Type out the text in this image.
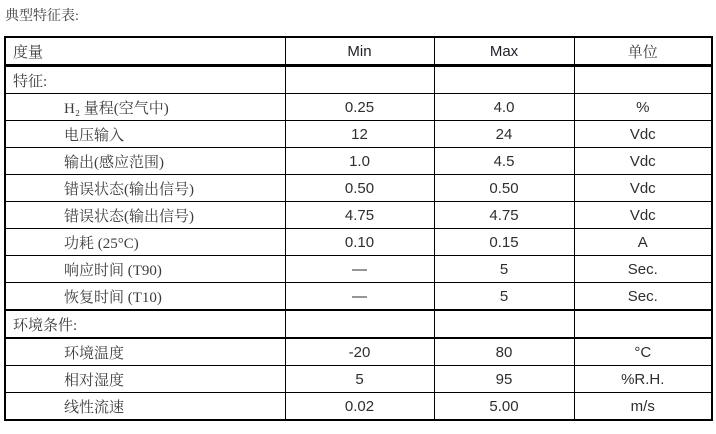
典型特征表:
度量	Min	Max	单位
特征:			
H₂ 量程(空气中)	0.25	4.0	%
电压输入	12	24	Vdc
输出(感应范围)	1.0	4.5	Vdc
错误状态(输出信号)	0.50	0.50	Vdc
错误状态(输出信号)	4.75	4.75	Vdc
功耗 (25°C)	0.10	0.15	A
响应时间 (T90)	—	5	Sec.
恢复时间 (T10)	—	5	Sec.
环境条件:			
环境温度	-20	80	°C
相对湿度	5	95	%R.H.
线性流速	0.02	5.00	m/s
